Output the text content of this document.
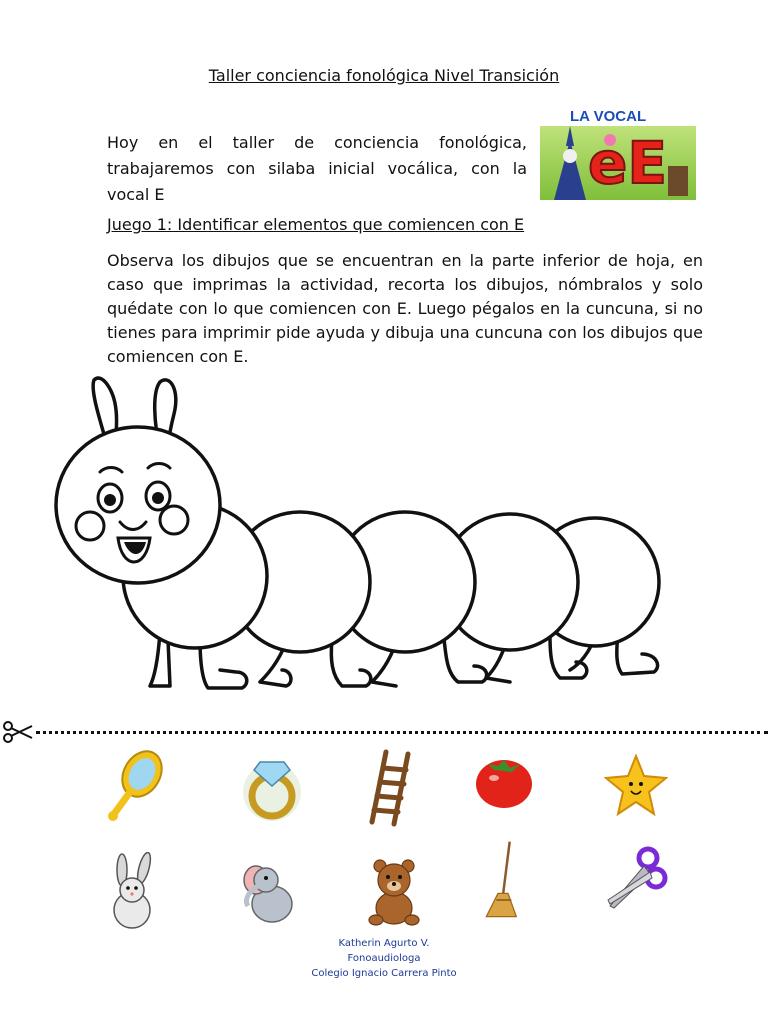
Taller conciencia fonológica Nivel Transición
Hoy en el taller de conciencia fonológica, trabajaremos con silaba inicial vocálica, con la vocal E
LA VOCAL
eE
Juego 1: Identificar elementos que comiencen con E
Observa los dibujos que se encuentran en la parte inferior de hoja, en caso que imprimas la actividad, recorta los dibujos, nómbralos y solo quédate con lo que comiencen con E. Luego pégalos en la cuncuna, si no tienes para imprimir pide ayuda y dibuja una cuncuna con los dibujos que comiencen con E.
Katherin Agurto V.
Fonoaudiologa
Colegio Ignacio Carrera Pinto
